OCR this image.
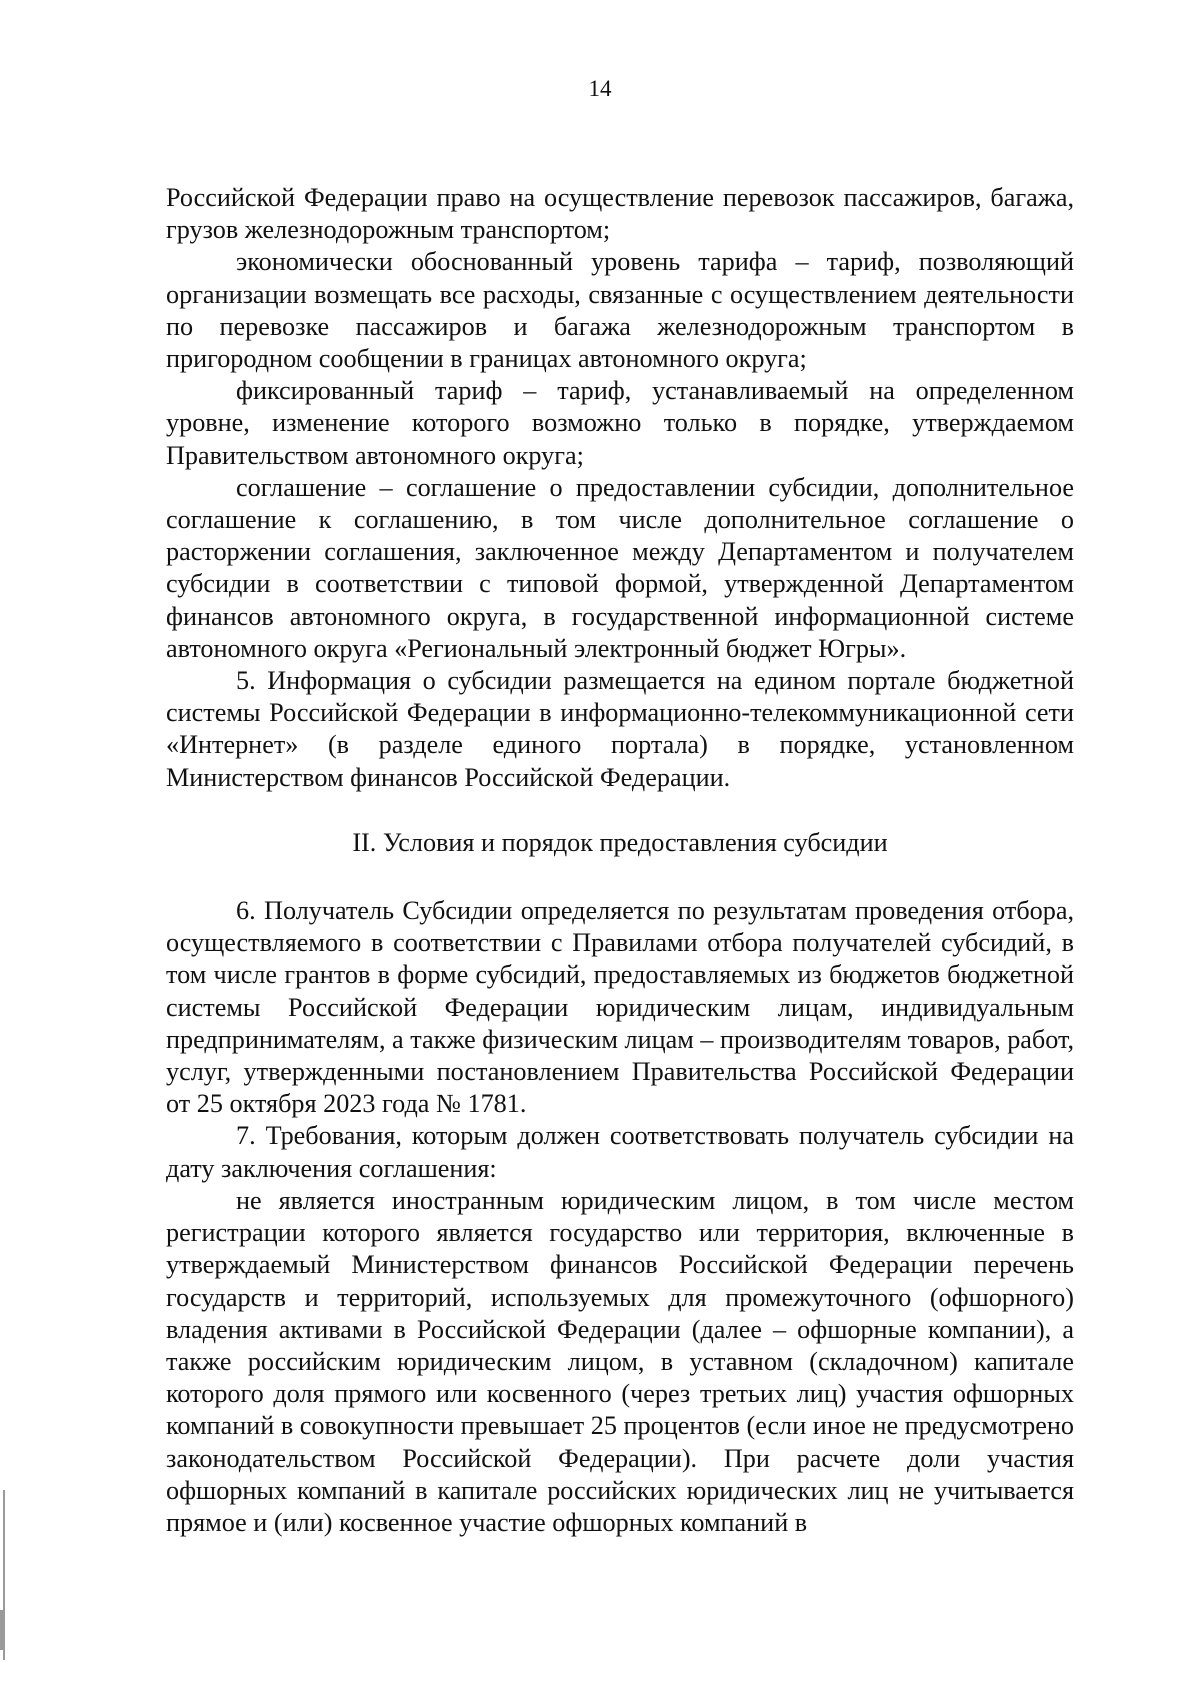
14

Российской Федерации право на осуществление перевозок пассажиров, багажа, грузов железнодорожным транспортом;

экономически обоснованный уровень тарифа – тариф, позволяющий организации возмещать все расходы, связанные с осуществлением деятельности по перевозке пассажиров и багажа железнодорожным транспортом в пригородном сообщении в границах автономного округа;

фиксированный тариф – тариф, устанавливаемый на определенном уровне, изменение которого возможно только в порядке, утверждаемом Правительством автономного округа;

соглашение – соглашение о предоставлении субсидии, дополнительное соглашение к соглашению, в том числе дополнительное соглашение о расторжении соглашения, заключенное между Департаментом и получателем субсидии в соответствии с типовой формой, утвержденной Департаментом финансов автономного округа, в государственной информационной системе автономного округа «Региональный электронный бюджет Югры».

5. Информация о субсидии размещается на едином портале бюджетной системы Российской Федерации в информационно-телекоммуникационной сети «Интернет» (в разделе единого портала) в порядке, установленном Министерством финансов Российской Федерации.

II. Условия и порядок предоставления субсидии

6. Получатель Субсидии определяется по результатам проведения отбора, осуществляемого в соответствии с Правилами отбора получателей субсидий, в том числе грантов в форме субсидий, предоставляемых из бюджетов бюджетной системы Российской Федерации юридическим лицам, индивидуальным предпринимателям, а также физическим лицам – производителям товаров, работ, услуг, утвержденными постановлением Правительства Российской Федерации от 25 октября 2023 года № 1781.

7. Требования, которым должен соответствовать получатель субсидии на дату заключения соглашения:

не является иностранным юридическим лицом, в том числе местом регистрации которого является государство или территория, включенные в утверждаемый Министерством финансов Российской Федерации перечень государств и территорий, используемых для промежуточного (офшорного) владения активами в Российской Федерации (далее – офшорные компании), а также российским юридическим лицом, в уставном (складочном) капитале которого доля прямого или косвенного (через третьих лиц) участия офшорных компаний в совокупности превышает 25 процентов (если иное не предусмотрено законодательством Российской Федерации). При расчете доли участия офшорных компаний в капитале российских юридических лиц не учитывается прямое и (или) косвенное участие офшорных компаний в
